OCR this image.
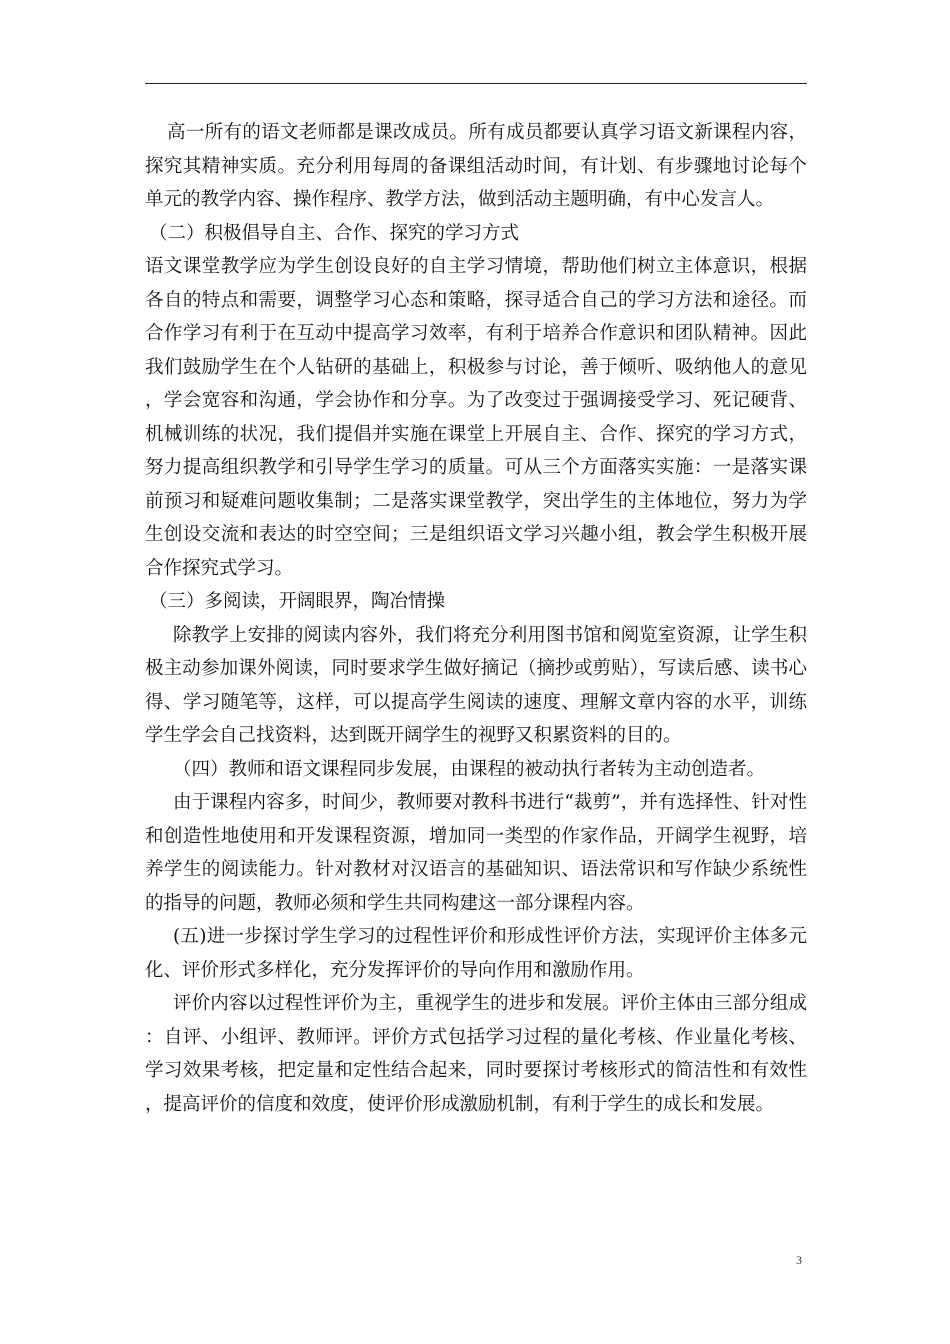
高一所有的语文老师都是课改成员。所有成员都要认真学习语文新课程内容，探究其精神实质。充分利用每周的备课组活动时间，有计划、有步骤地讨论每个单元的教学内容、操作程序、教学方法，做到活动主题明确，有中心发言人。

（二）积极倡导自主、合作、探究的学习方式

语文课堂教学应为学生创设良好的自主学习情境，帮助他们树立主体意识，根据各自的特点和需要，调整学习心态和策略，探寻适合自己的学习方法和途径。而合作学习有利于在互动中提高学习效率，有利于培养合作意识和团队精神。因此我们鼓励学生在个人钻研的基础上，积极参与讨论，善于倾听、吸纳他人的意见，学会宽容和沟通，学会协作和分享。为了改变过于强调接受学习、死记硬背、机械训练的状况，我们提倡并实施在课堂上开展自主、合作、探究的学习方式，努力提高组织教学和引导学生学习的质量。可从三个方面落实实施：一是落实课前预习和疑难问题收集制；二是落实课堂教学，突出学生的主体地位，努力为学生创设交流和表达的时空空间；三是组织语文学习兴趣小组，教会学生积极开展合作探究式学习。

（三）多阅读，开阔眼界，陶冶情操

除教学上安排的阅读内容外，我们将充分利用图书馆和阅览室资源，让学生积极主动参加课外阅读，同时要求学生做好摘记（摘抄或剪贴），写读后感、读书心得、学习随笔等，这样，可以提高学生阅读的速度、理解文章内容的水平，训练学生学会自己找资料，达到既开阔学生的视野又积累资料的目的。

（四）教师和语文课程同步发展，由课程的被动执行者转为主动创造者。

由于课程内容多，时间少，教师要对教科书进行“裁剪”，并有选择性、针对性和创造性地使用和开发课程资源，增加同一类型的作家作品，开阔学生视野，培养学生的阅读能力。针对教材对汉语言的基础知识、语法常识和写作缺少系统性的指导的问题，教师必须和学生共同构建这一部分课程内容。

(五)进一步探讨学生学习的过程性评价和形成性评价方法，实现评价主体多元化、评价形式多样化，充分发挥评价的导向作用和激励作用。

评价内容以过程性评价为主，重视学生的进步和发展。评价主体由三部分组成：自评、小组评、教师评。评价方式包括学习过程的量化考核、作业量化考核、学习效果考核，把定量和定性结合起来，同时要探讨考核形式的简洁性和有效性，提高评价的信度和效度，使评价形成激励机制，有利于学生的成长和发展。

3
